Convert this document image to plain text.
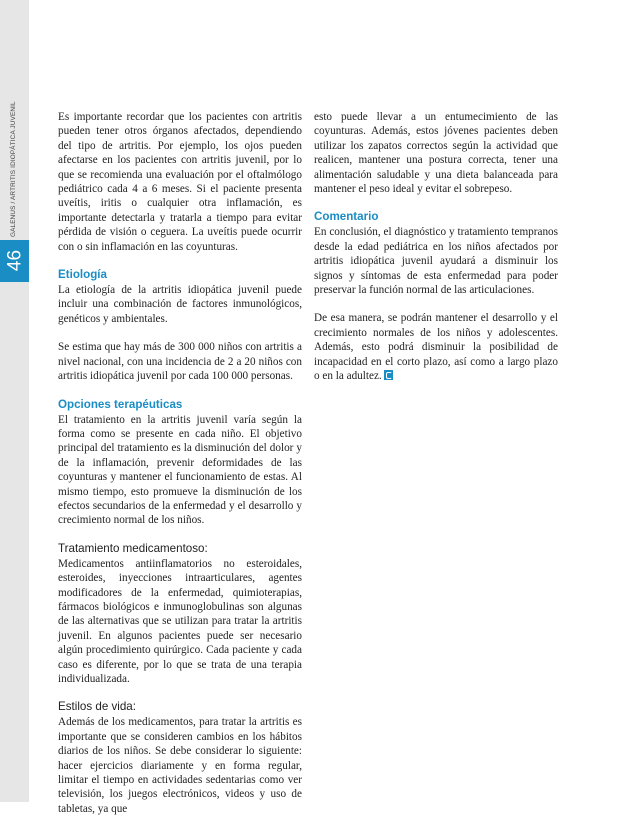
46
GALENUS / ARTRITIS IDIOPÁTICA JUVENIL	Es importante recordar que los pacientes con artritis pueden tener otros órganos afectados, dependiendo del tipo de artritis. Por ejemplo, los ojos pueden afectarse en los pacientes con artritis juvenil, por lo que se recomienda una evaluación por el oftalmólogo pediátrico cada 4 a 6 meses. Si el paciente presenta uveítis, iritis o cualquier otra inflamación, es importante detectarla y tratarla a tiempo para evitar pérdida de visión o ceguera. La uveítis puede ocurrir con o sin inflamación en las coyunturas.

Etiología

La etiología de la artritis idiopática juvenil puede incluir una combinación de factores inmunológicos, genéticos y ambientales.

Se estima que hay más de 300 000 niños con artritis a nivel nacional, con una incidencia de 2 a 20 niños con artritis idiopática juvenil por cada 100 000 personas.

Opciones terapéuticas

El tratamiento en la artritis juvenil varía según la forma como se presente en cada niño. El objetivo principal del tratamiento es la disminución del dolor y de la inflamación, prevenir deformidades de las coyunturas y mantener el funcionamiento de estas. Al mismo tiempo, esto promueve la disminución de los efectos secundarios de la enfermedad y el desarrollo y crecimiento normal de los niños.

Tratamiento medicamentoso:

Medicamentos antiinflamatorios no esteroidales, esteroides, inyecciones intraarticulares, agentes modificadores de la enfermedad, quimioterapias, fármacos biológicos e inmunoglobulinas son algunas de las alternativas que se utilizan para tratar la artritis juvenil. En algunos pacientes puede ser necesario algún procedimiento quirúrgico. Cada paciente y cada caso es diferente, por lo que se trata de una terapia individualizada.

Estilos de vida:

Además de los medicamentos, para tratar la artritis es importante que se consideren cambios en los hábitos diarios de los niños. Se debe considerar lo siguiente: hacer ejercicios diariamente y en forma regular, limitar el tiempo en actividades sedentarias como ver televisión, los juegos electrónicos, videos y uso de tabletas, ya que

esto puede llevar a un entumecimiento de las coyunturas. Además, estos jóvenes pacientes deben utilizar los zapatos correctos según la actividad que realicen, mantener una postura correcta, tener una alimentación saludable y una dieta balanceada para mantener el peso ideal y evitar el sobrepeso.

Comentario

En conclusión, el diagnóstico y tratamiento tempranos desde la edad pediátrica en los niños afectados por artritis idiopática juvenil ayudará a disminuir los signos y síntomas de esta enfermedad para poder preservar la función normal de las articulaciones.

De esa manera, se podrán mantener el desarrollo y el crecimiento normales de los niños y adolescentes. Además, esto podrá disminuir la posibilidad de incapacidad en el corto plazo, así como a largo plazo o en la adultez.
